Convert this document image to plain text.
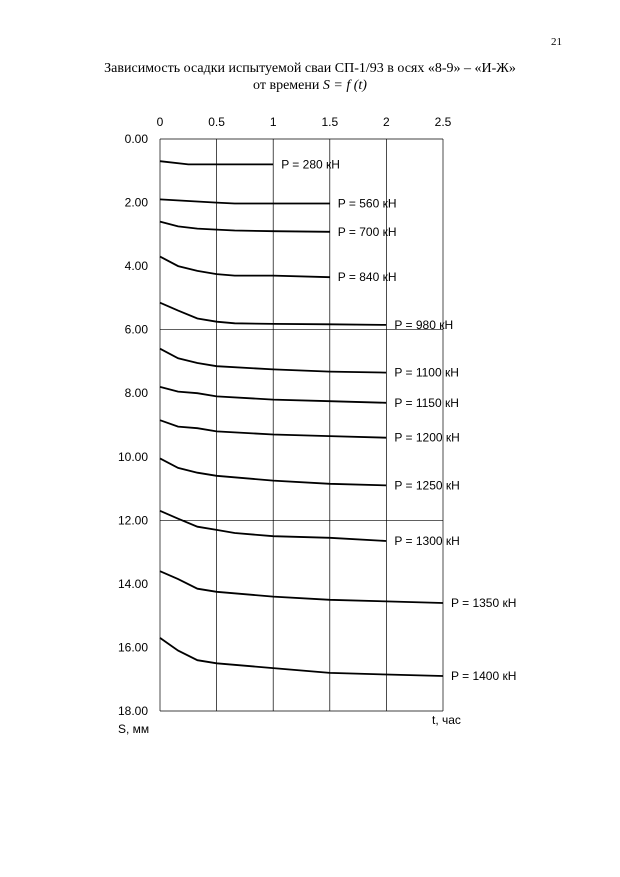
21
Зависимость осадки испытуемой сваи СП-1/93 в осях «8-9» – «И-Ж»
от времени S = f (t)
0	0.5	1	1.5	2	2.5
0.00
2.00
4.00
6.00
8.00
10.00
12.00
14.00
16.00
18.00
P = 280 кН
P = 560 кН
P = 700 кН
P = 840 кН
P = 980 кН
P = 1100 кН
P = 1150 кН
P = 1200 кН
P = 1250 кН
P = 1300 кН
P = 1350 кН
P = 1400 кН
t, час
S, мм
